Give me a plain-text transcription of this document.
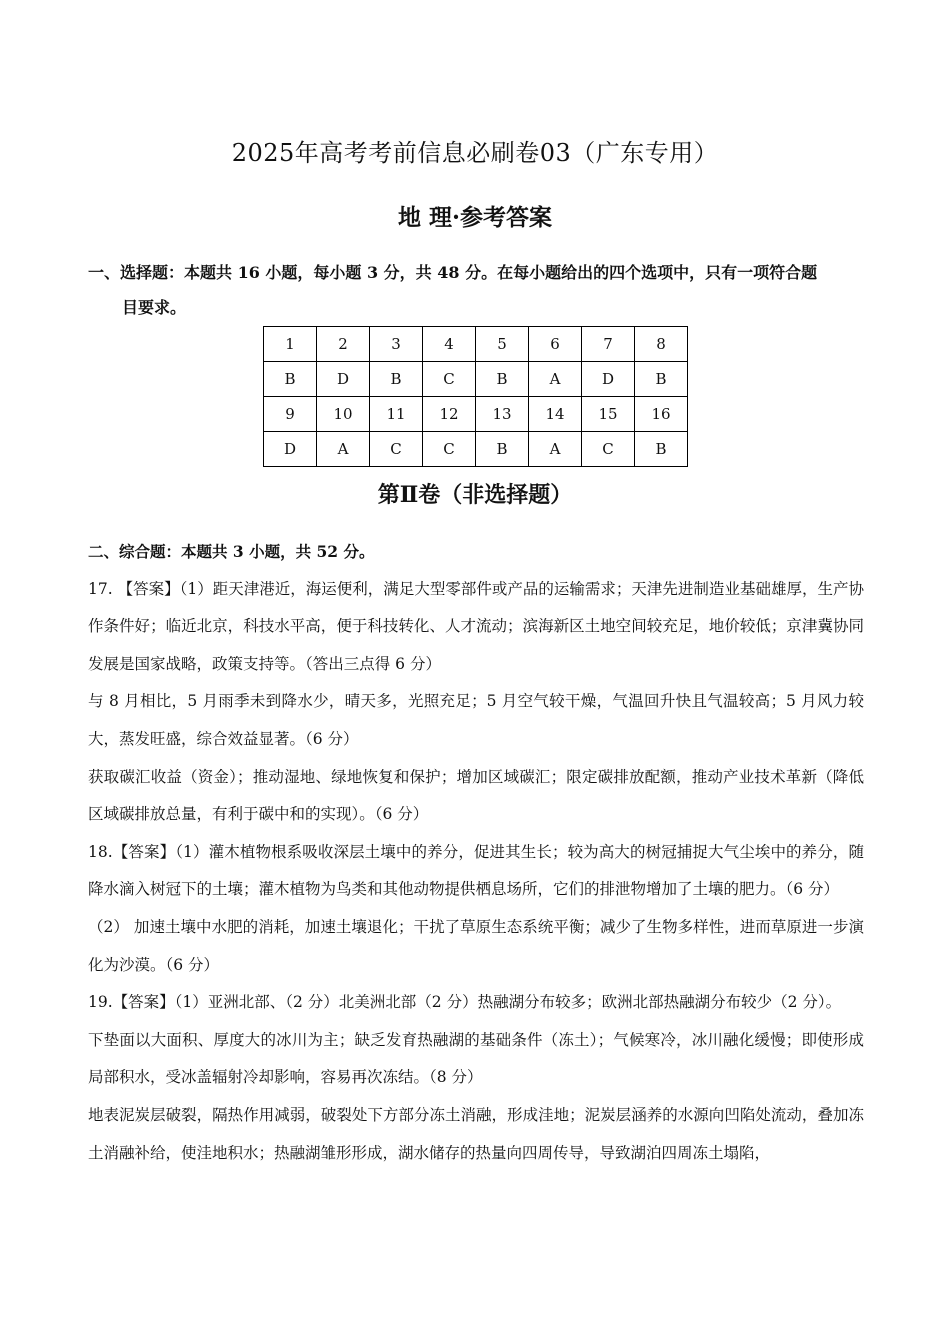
2025年高考考前信息必刷卷03（广东专用）
地 理·参考答案
一、选择题：本题共 16 小题，每小题 3 分，共 48 分。在每小题给出的四个选项中，只有一项符合题
目要求。
1	2	3	4	5	6	7	8
B	D	B	C	B	A	D	B
9	10	11	12	13	14	15	16
D	A	C	C	B	A	C	B
第Ⅱ卷（非选择题）

二、综合题：本题共 3 小题，共 52 分。

17. 【答案】（1）距天津港近，海运便利，满足大型零部件或产品的运输需求；天津先进制造业基础雄厚，生产协作条件好；临近北京，科技水平高，便于科技转化、人才流动；滨海新区土地空间较充足，地价较低；京津冀协同发展是国家战略，政策支持等。（答出三点得 6 分）

与 8 月相比，5 月雨季未到降水少，晴天多，光照充足；5 月空气较干燥，气温回升快且气温较高；5 月风力较大，蒸发旺盛，综合效益显著。（6 分）

获取碳汇收益（资金）；推动湿地、绿地恢复和保护；增加区域碳汇；限定碳排放配额，推动产业技术革新（降低区域碳排放总量，有利于碳中和的实现）。（6 分）

18.【答案】（1）灌木植物根系吸收深层土壤中的养分，促进其生长；较为高大的树冠捕捉大气尘埃中的养分，随降水滴入树冠下的土壤；灌木植物为鸟类和其他动物提供栖息场所，它们的排泄物增加了土壤的肥力。（6 分）

（2） 加速土壤中水肥的消耗，加速土壤退化；干扰了草原生态系统平衡；减少了生物多样性，进而草原进一步演化为沙漠。（6 分）

19.【答案】（1）亚洲北部、（2 分）北美洲北部（2 分）热融湖分布较多；欧洲北部热融湖分布较少（2 分）。

下垫面以大面积、厚度大的冰川为主；缺乏发育热融湖的基础条件（冻土）；气候寒冷，冰川融化缓慢；即使形成局部积水，受冰盖辐射冷却影响，容易再次冻结。（8 分）

地表泥炭层破裂，隔热作用减弱，破裂处下方部分冻土消融，形成洼地；泥炭层涵养的水源向凹陷处流动，叠加冻土消融补给，使洼地积水；热融湖雏形形成，湖水储存的热量向四周传导，导致湖泊四周冻土塌陷，
